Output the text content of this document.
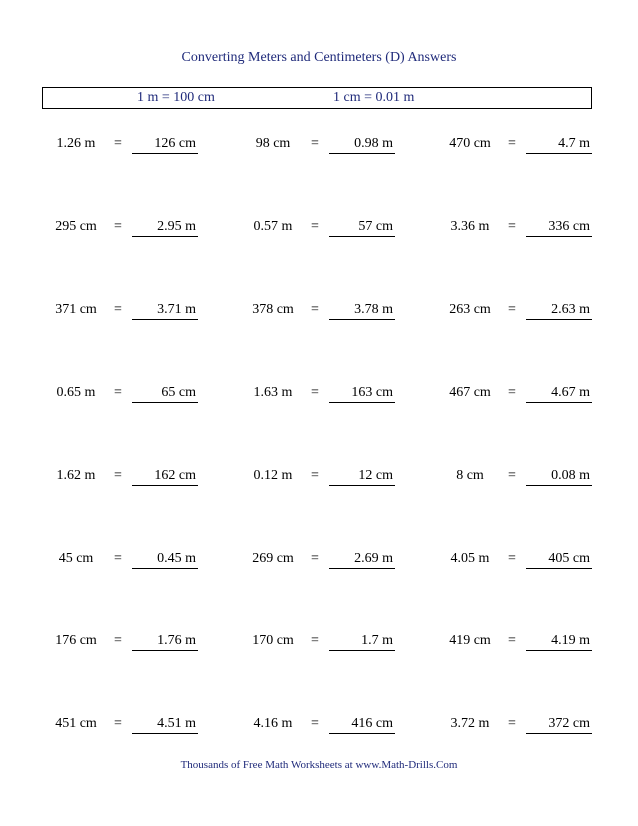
Converting Meters and Centimeters (D) Answers
1 m = 100 cm	1 cm = 0.01 m
1.26 m	=	126 cm	98 cm	=	0.98 m	470 cm	=	4.7 m
295 cm	=	2.95 m	0.57 m	=	57 cm	3.36 m	=	336 cm
371 cm	=	3.71 m	378 cm	=	3.78 m	263 cm	=	2.63 m
0.65 m	=	65 cm	1.63 m	=	163 cm	467 cm	=	4.67 m
1.62 m	=	162 cm	0.12 m	=	12 cm	8 cm	=	0.08 m
45 cm	=	0.45 m	269 cm	=	2.69 m	4.05 m	=	405 cm
176 cm	=	1.76 m	170 cm	=	1.7 m	419 cm	=	4.19 m
451 cm	=	4.51 m	4.16 m	=	416 cm	3.72 m	=	372 cm
Thousands of Free Math Worksheets at www.Math-Drills.Com
